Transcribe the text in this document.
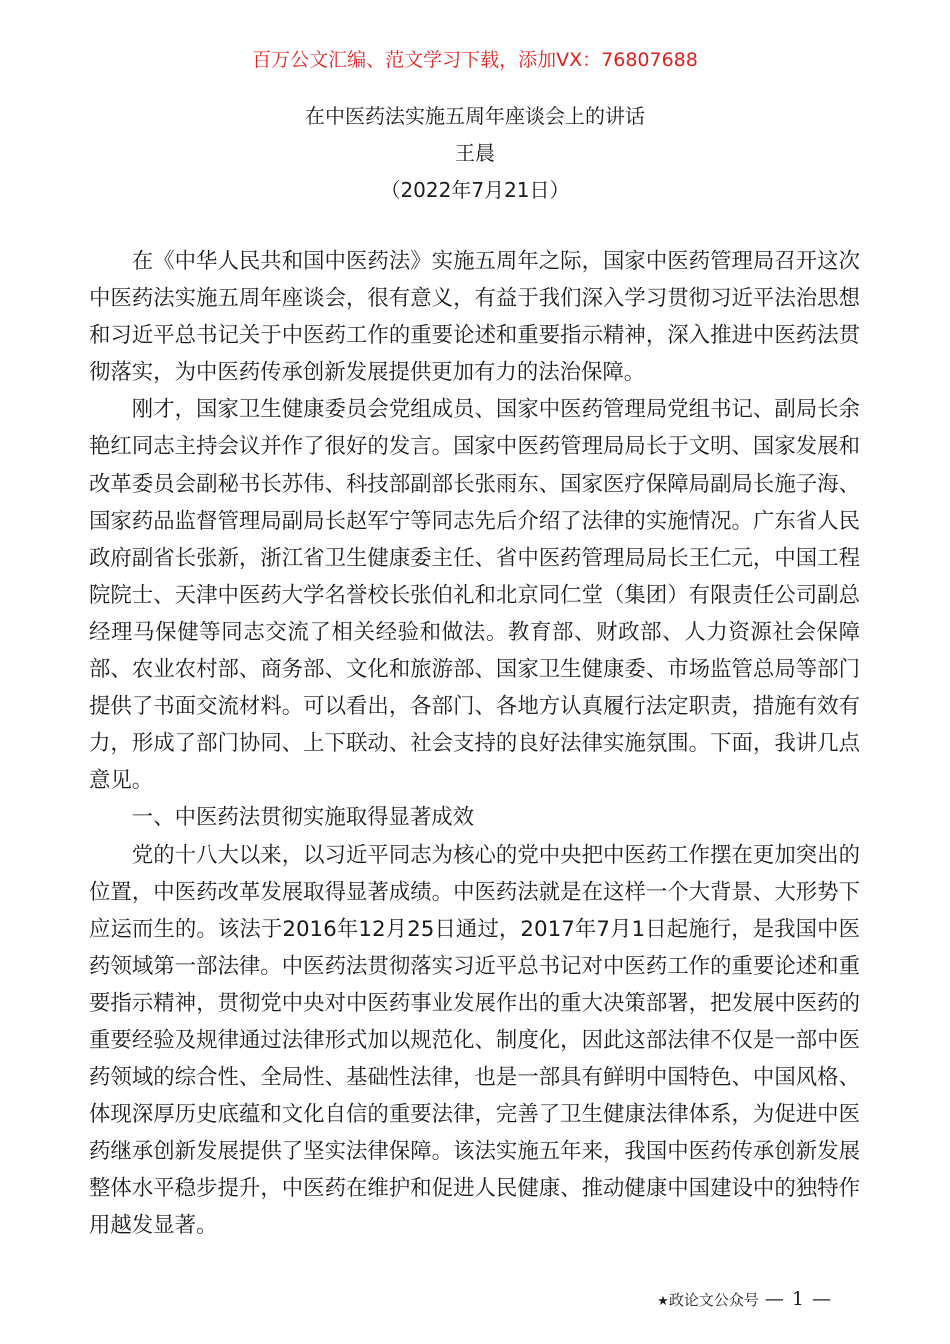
百万公文汇编、范文学习下载，添加VX：76807688
在中医药法实施五周年座谈会上的讲话
王晨
（2022年7月21日）

在《中华人民共和国中医药法》实施五周年之际，国家中医药管理局召开这次中医药法实施五周年座谈会，很有意义，有益于我们深入学习贯彻习近平法治思想和习近平总书记关于中医药工作的重要论述和重要指示精神，深入推进中医药法贯彻落实，为中医药传承创新发展提供更加有力的法治保障。

刚才，国家卫生健康委员会党组成员、国家中医药管理局党组书记、副局长余艳红同志主持会议并作了很好的发言。国家中医药管理局局长于文明、国家发展和改革委员会副秘书长苏伟、科技部副部长张雨东、国家医疗保障局副局长施子海、国家药品监督管理局副局长赵军宁等同志先后介绍了法律的实施情况。广东省人民政府副省长张新，浙江省卫生健康委主任、省中医药管理局局长王仁元，中国工程院院士、天津中医药大学名誉校长张伯礼和北京同仁堂（集团）有限责任公司副总经理马保健等同志交流了相关经验和做法。教育部、财政部、人力资源社会保障部、农业农村部、商务部、文化和旅游部、国家卫生健康委、市场监管总局等部门提供了书面交流材料。可以看出，各部门、各地方认真履行法定职责，措施有效有力，形成了部门协同、上下联动、社会支持的良好法律实施氛围。下面，我讲几点意见。

一、中医药法贯彻实施取得显著成效

党的十八大以来，以习近平同志为核心的党中央把中医药工作摆在更加突出的位置，中医药改革发展取得显著成绩。中医药法就是在这样一个大背景、大形势下应运而生的。该法于2016年12月25日通过，2017年7月1日起施行，是我国中医药领域第一部法律。中医药法贯彻落实习近平总书记对中医药工作的重要论述和重要指示精神，贯彻党中央对中医药事业发展作出的重大决策部署，把发展中医药的重要经验及规律通过法律形式加以规范化、制度化，因此这部法律不仅是一部中医药领域的综合性、全局性、基础性法律，也是一部具有鲜明中国特色、中国风格、体现深厚历史底蕴和文化自信的重要法律，完善了卫生健康法律体系，为促进中医药继承创新发展提供了坚实法律保障。该法实施五年来，我国中医药传承创新发展整体水平稳步提升，中医药在维护和促进人民健康、推动健康中国建设中的独特作用越发显著。

★政论文公众号 — 1 —
